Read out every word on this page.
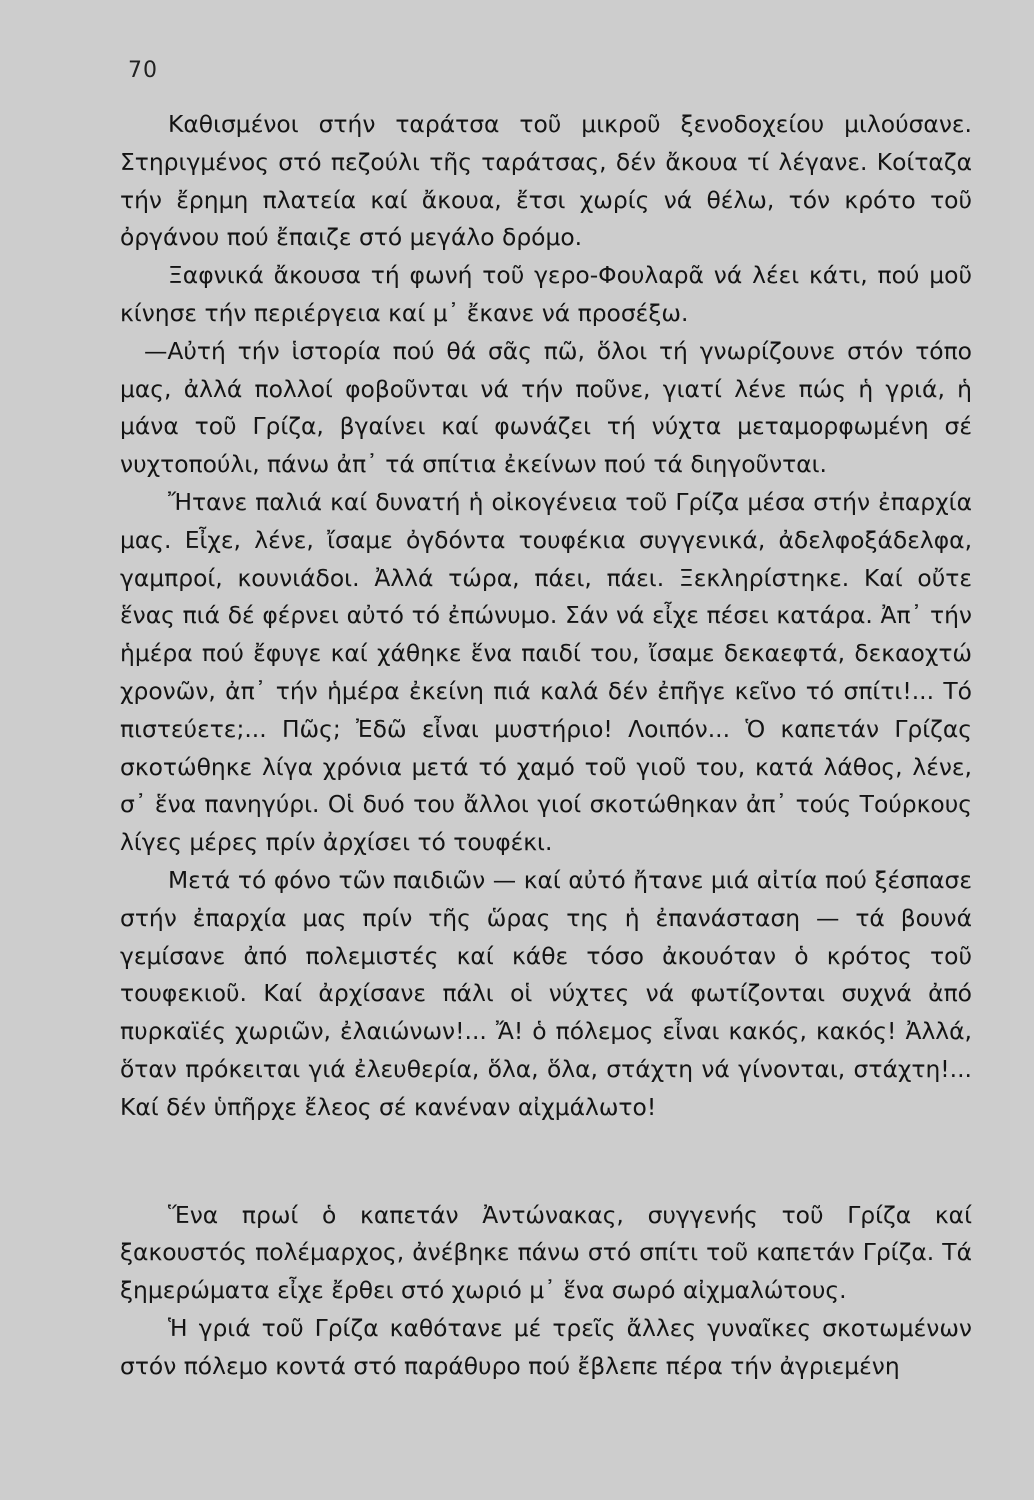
70

Καθισμένοι στήν ταράτσα τοῦ μικροῦ ξενοδοχείου μιλούσανε. Στηριγμένος στό πεζούλι τῆς ταράτσας, δέν ἄκουα τί λέγανε. Κοίταζα τήν ἔρημη πλατεία καί ἄκουα, ἔτσι χωρίς νά θέλω, τόν κρότο τοῦ ὀργάνου πού ἔπαιζε στό μεγάλο δρόμο.

Ξαφνικά ἄκουσα τή φωνή τοῦ γερο-Φουλαρᾶ νά λέει κάτι, πού μοῦ κίνησε τήν περιέργεια καί μ᾽ ἔκανε νά προσέξω.

—Αὐτή τήν ἱστορία πού θά σᾶς πῶ, ὅλοι τή γνωρίζουνε στόν τόπο μας, ἀλλά πολλοί φοβοῦνται νά τήν ποῦνε, γιατί λένε πώς ἡ γριά, ἡ μάνα τοῦ Γρίζα, βγαίνει καί φωνάζει τή νύχτα μεταμορφωμένη σέ νυχτοπούλι, πάνω ἀπ᾽ τά σπίτια ἐκείνων πού τά διηγοῦνται.

Ἤτανε παλιά καί δυνατή ἡ οἰκογένεια τοῦ Γρίζα μέσα στήν ἐπαρχία μας. Εἶχε, λένε, ἴσαμε ὀγδόντα τουφέκια συγγενικά, ἀδελφοξάδελφα, γαμπροί, κουνιάδοι. Ἀλλά τώρα, πάει, πάει. Ξεκληρίστηκε. Καί οὔτε ἕνας πιά δέ φέρνει αὐτό τό ἐπώνυμο. Σάν νά εἶχε πέσει κατάρα. Ἀπ᾽ τήν ἡμέρα πού ἔφυγε καί χάθηκε ἕνα παιδί του, ἴσαμε δεκαεφτά, δεκαοχτώ χρονῶν, ἀπ᾽ τήν ἡμέρα ἐκείνη πιά καλά δέν ἐπῆγε κεῖνο τό σπίτι!... Τό πιστεύετε;... Πῶς; Ἐδῶ εἶναι μυστήριο! Λοιπόν... Ὁ καπετάν Γρίζας σκοτώθηκε λίγα χρόνια μετά τό χαμό τοῦ γιοῦ του, κατά λάθος, λένε, σ᾽ ἕνα πανηγύρι. Οἱ δυό του ἄλλοι γιοί σκοτώθηκαν ἀπ᾽ τούς Τούρκους λίγες μέρες πρίν ἀρχίσει τό τουφέκι.

Μετά τό φόνο τῶν παιδιῶν — καί αὐτό ἤτανε μιά αἰτία πού ξέσπασε στήν ἐπαρχία μας πρίν τῆς ὥρας της ἡ ἐπανάσταση — τά βουνά γεμίσανε ἀπό πολεμιστές καί κάθε τόσο ἀκουόταν ὁ κρότος τοῦ τουφεκιοῦ. Καί ἀρχίσανε πάλι οἱ νύχτες νά φωτίζονται συχνά ἀπό πυρκαϊές χωριῶν, ἐλαιώνων!... Ἄ! ὁ πόλεμος εἶναι κακός, κακός! Ἀλλά, ὅταν πρόκειται γιά ἐλευθερία, ὅλα, ὅλα, στάχτη νά γίνονται, στάχτη!... Καί δέν ὑπῆρχε ἔλεος σέ κανέναν αἰχμάλωτο!

Ἕνα πρωί ὁ καπετάν Ἀντώνακας, συγγενής τοῦ Γρίζα καί ξακουστός πολέμαρχος, ἀνέβηκε πάνω στό σπίτι τοῦ καπετάν Γρίζα. Τά ξημερώματα εἶχε ἔρθει στό χωριό μ᾽ ἕνα σωρό αἰχμαλώτους.

Ἡ γριά τοῦ Γρίζα καθότανε μέ τρεῖς ἄλλες γυναῖκες σκοτωμένων στόν πόλεμο κοντά στό παράθυρο πού ἔβλεπε πέρα τήν ἀγριεμένη
